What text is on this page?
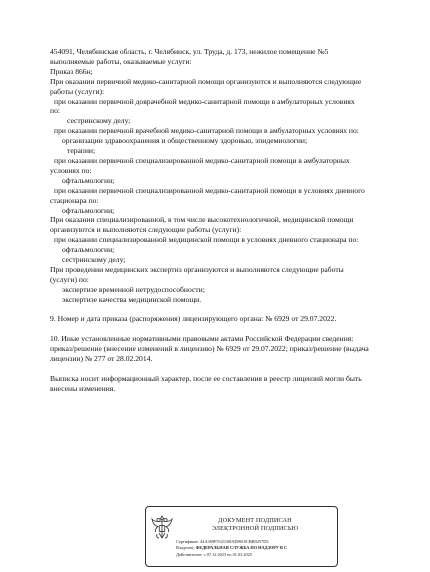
454091, Челябинская область, г. Челябинск, ул. Труда, д. 173, нежилое помещение №5

выполняемые работы, оказываемые услуги:

Приказ 866н;

При оказании первичной медико-санитарной помощи организуются и выполняются следующие

работы (услуги):

при оказании первичной доврачебной медико-санитарной помощи в амбулаторных условиях

по:

сестринскому делу;

при оказании первичной врачебной медико-санитарной помощи в амбулаторных условиях по:

организации здравоохранения и общественному здоровью, эпидемиологии;

терапии;

при оказании первичной специализированной медико-санитарной помощи в амбулаторных

условиях по:

офтальмологии;

при оказании первичной специализированной медико-санитарной помощи в условиях дневного

стационара по:

офтальмологии;

При оказании специализированной, в том числе высокотехнологичной, медицинской помощи

организуются и выполняются следующие работы (услуги):

при оказании специализированной медицинской помощи в условиях дневного стационара по:

офтальмологии;

сестринскому делу;

При проведении медицинских экспертиз организуются и выполняются следующие работы

(услуги) по:

экспертизе временной нетрудоспособности;

экспертизе качества медицинской помощи.

9. Номер и дата приказа (распоряжения) лицензирующего органа: № 6929 от 29.07.2022.

10. Иные установленные нормативными правовыми актами Российской Федерации сведения:

приказ/решение (внесение изменений в лицензию) № 6929 от 29.07.2022; приказ/решение (выдача

лицензии) № 277 от 28.02.2014.

Выписка носит информационный характер, после ее составления в реестр лицензий могли быть

внесены изменения.

ДОКУМЕНТ ПОДПИСАН
ЭЛЕКТРОННОЙ ПОДПИСЬЮ
Сертификат: 44A369F5521108AD8610CBB0257D3
Владелец: ФЕДЕРАЛЬНАЯ СЛУЖБА ПО НАДЗОРУ В С
Действителен: с 07.12.2023 по 01.03.2025
